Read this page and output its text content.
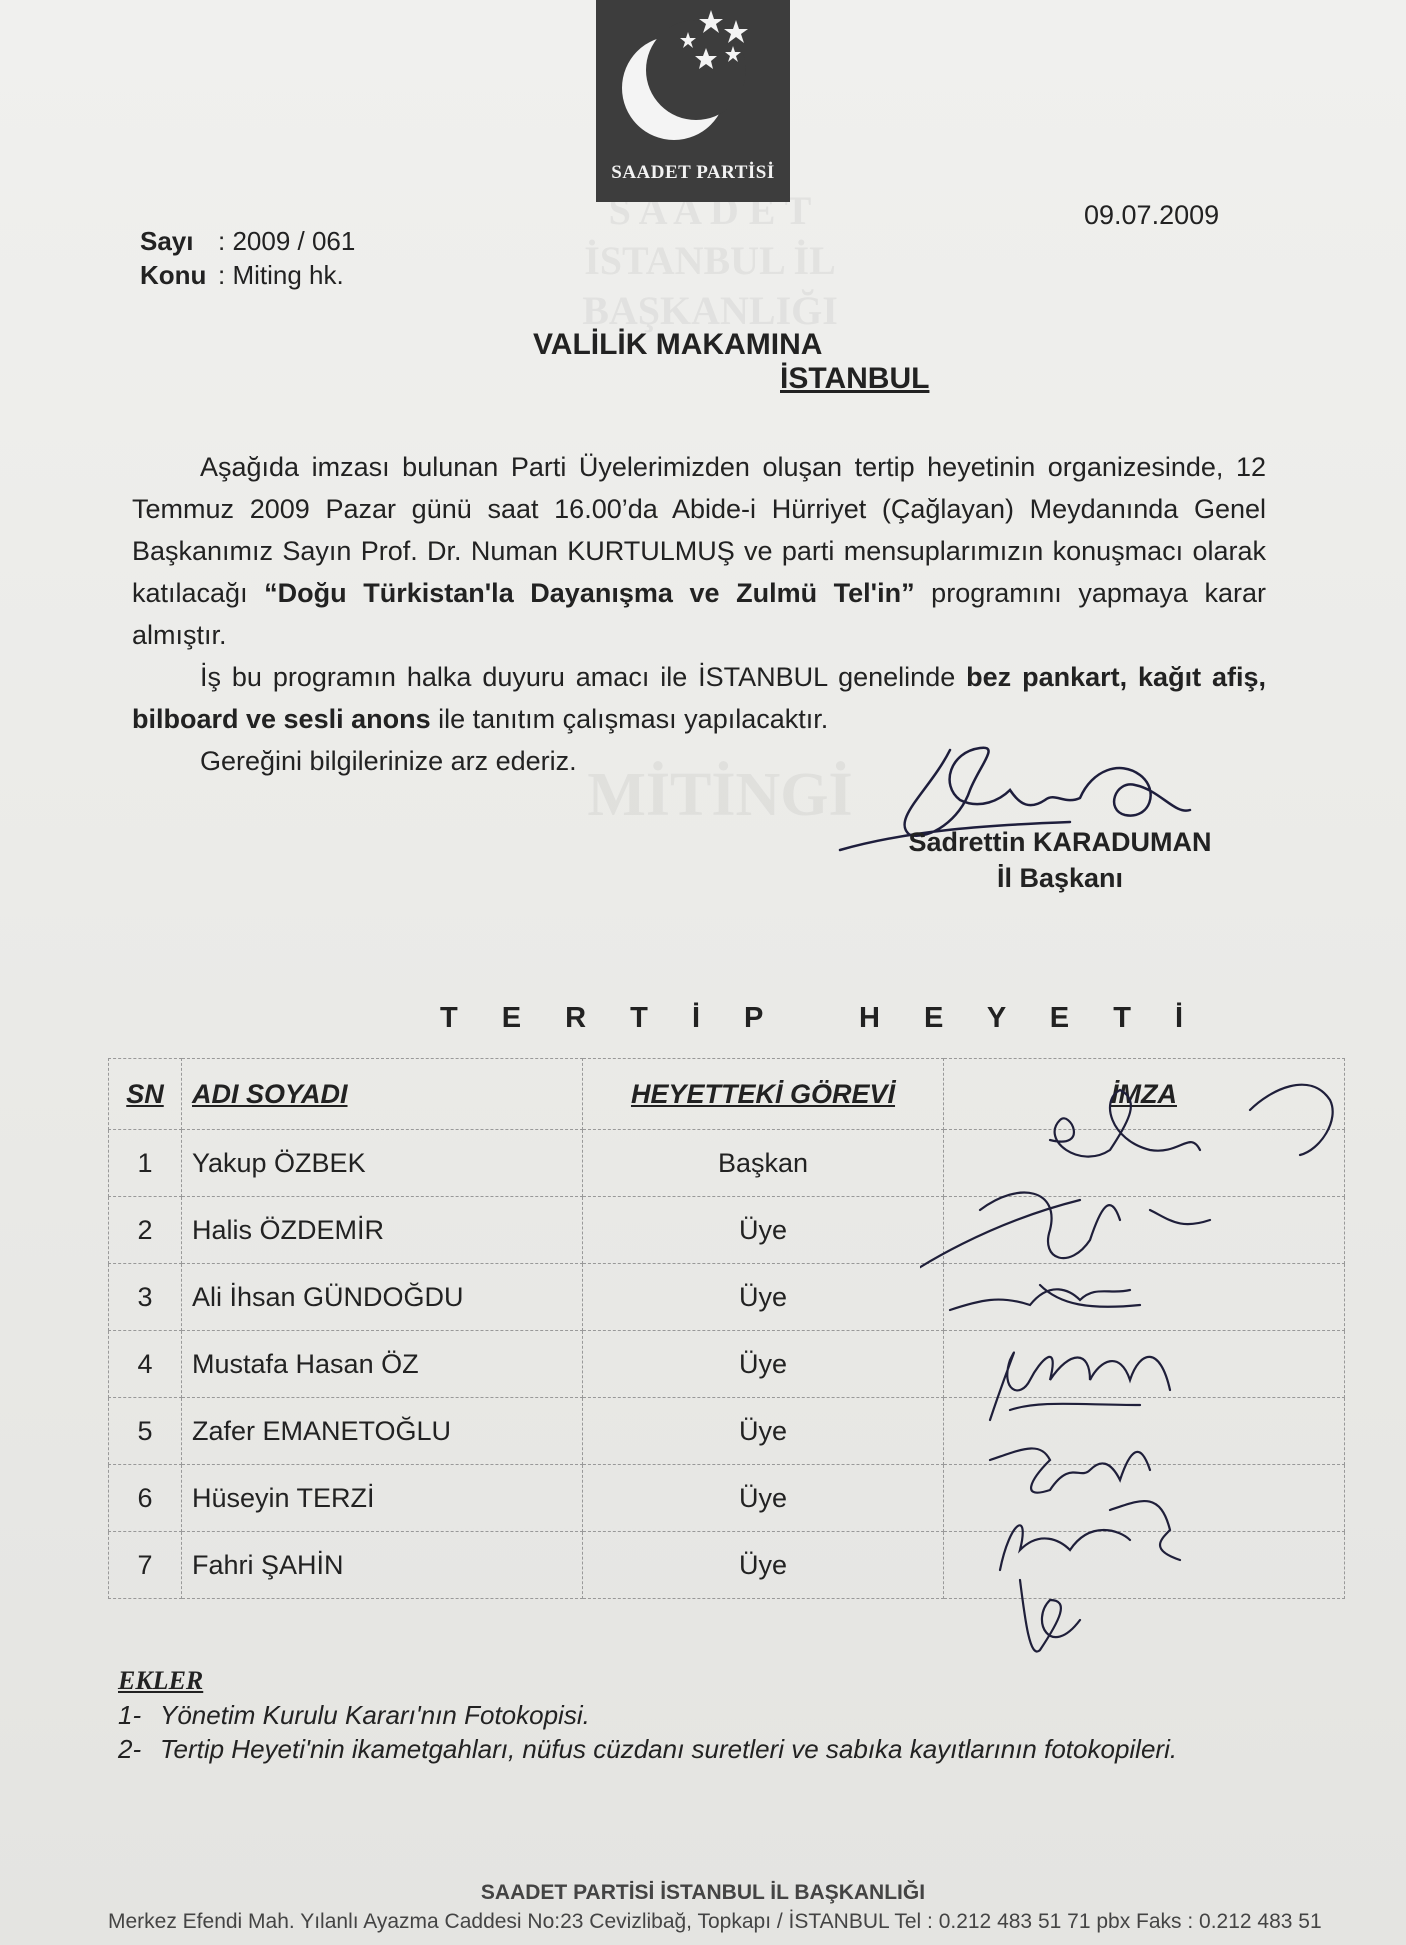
S A A D E T
İSTANBUL İL
BAŞKANLIĞI
MİTİNGİ
SAADET PARTİSİ
Sayı : 2009 / 061
Konu : Miting hk.
09.07.2009
VALİLİK MAKAMINA
İSTANBUL

Aşağıda imzası bulunan Parti Üyelerimizden oluşan tertip heyetinin organizesinde, 12 Temmuz 2009 Pazar günü saat 16.00’da Abide-i Hürriyet (Çağlayan) Meydanında Genel Başkanımız Sayın Prof. Dr. Numan KURTULMUŞ ve parti mensuplarımızın konuşmacı olarak katılacağı “Doğu Türkistan'la Dayanışma ve Zulmü Tel'in” programını yapmaya karar almıştır.

İş bu programın halka duyuru amacı ile İSTANBUL genelinde bez pankart, kağıt afiş, bilboard ve sesli anons ile tanıtım çalışması yapılacaktır.

Gereğini bilgilerinize arz ederiz.

Sadrettin KARADUMAN
İl Başkanı
T E R T İ P   H E Y E T İ
SN	ADI SOYADI	HEYETTEKİ GÖREVİ	İMZA
1	Yakup ÖZBEK	Başkan	
2	Halis ÖZDEMİR	Üye	
3	Ali İhsan GÜNDOĞDU	Üye	
4	Mustafa Hasan ÖZ	Üye	
5	Zafer EMANETOĞLU	Üye	
6	Hüseyin TERZİ	Üye	
7	Fahri ŞAHİN	Üye	
EKLER
1- Yönetim Kurulu Kararı'nın Fotokopisi.
2- Tertip Heyeti'nin ikametgahları, nüfus cüzdanı suretleri ve sabıka kayıtlarının fotokopileri.
SAADET PARTİSİ İSTANBUL İL BAŞKANLIĞI
Merkez Efendi Mah. Yılanlı Ayazma Caddesi No:23 Cevizlibağ, Topkapı / İSTANBUL Tel : 0.212 483 51 71 pbx Faks : 0.212 483 51
